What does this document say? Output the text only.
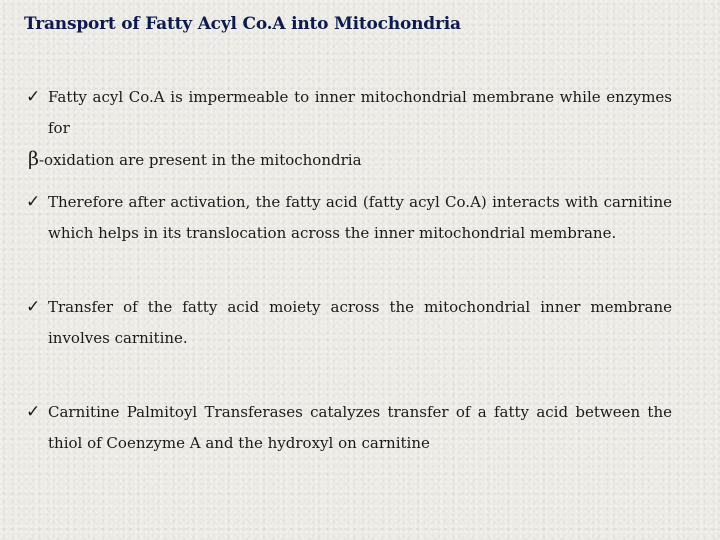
Transport of Fatty Acyl Co.A into Mitochondria
✓ Fatty acyl Co.A is impermeable to inner mitochondrial membrane while enzymes for
β-oxidation are present in the mitochondria
✓ Therefore after activation, the fatty acid (fatty acyl Co.A) interacts with carnitine which helps in its translocation across the inner mitochondrial membrane.
✓ Transfer of the fatty acid moiety across the mitochondrial inner membrane involves carnitine.
✓ Carnitine Palmitoyl Transferases catalyzes transfer of a fatty acid between the thiol of Coenzyme A and the hydroxyl on carnitine
